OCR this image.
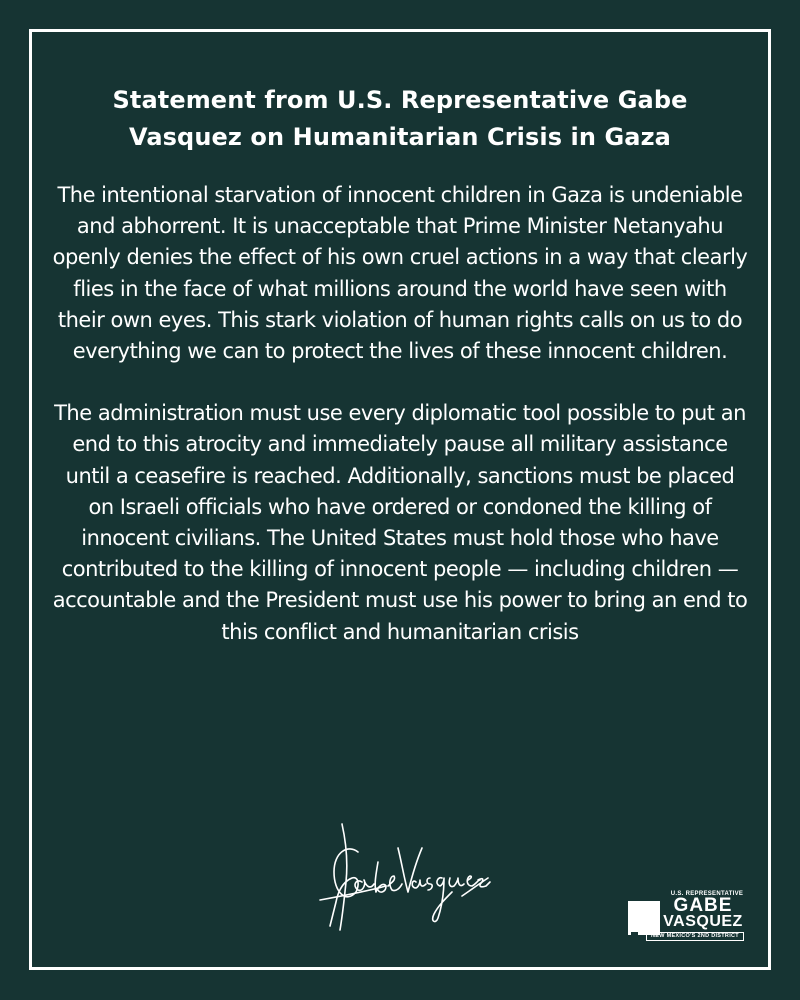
Statement from U.S. Representative Gabe Vasquez on Humanitarian Crisis in Gaza

The intentional starvation of innocent children in Gaza is undeniable and abhorrent. It is unacceptable that Prime Minister Netanyahu openly denies the effect of his own cruel actions in a way that clearly flies in the face of what millions around the world have seen with their own eyes. This stark violation of human rights calls on us to do everything we can to protect the lives of these innocent children.

The administration must use every diplomatic tool possible to put an end to this atrocity and immediately pause all military assistance until a ceasefire is reached. Additionally, sanctions must be placed on Israeli officials who have ordered or condoned the killing of innocent civilians. The United States must hold those who have contributed to the killing of innocent people — including children — accountable and the President must use his power to bring an end to this conflict and humanitarian crisis

U.S. REPRESENTATIVE
GABE
VASQUEZ
NEW MEXICO'S 2ND DISTRICT
